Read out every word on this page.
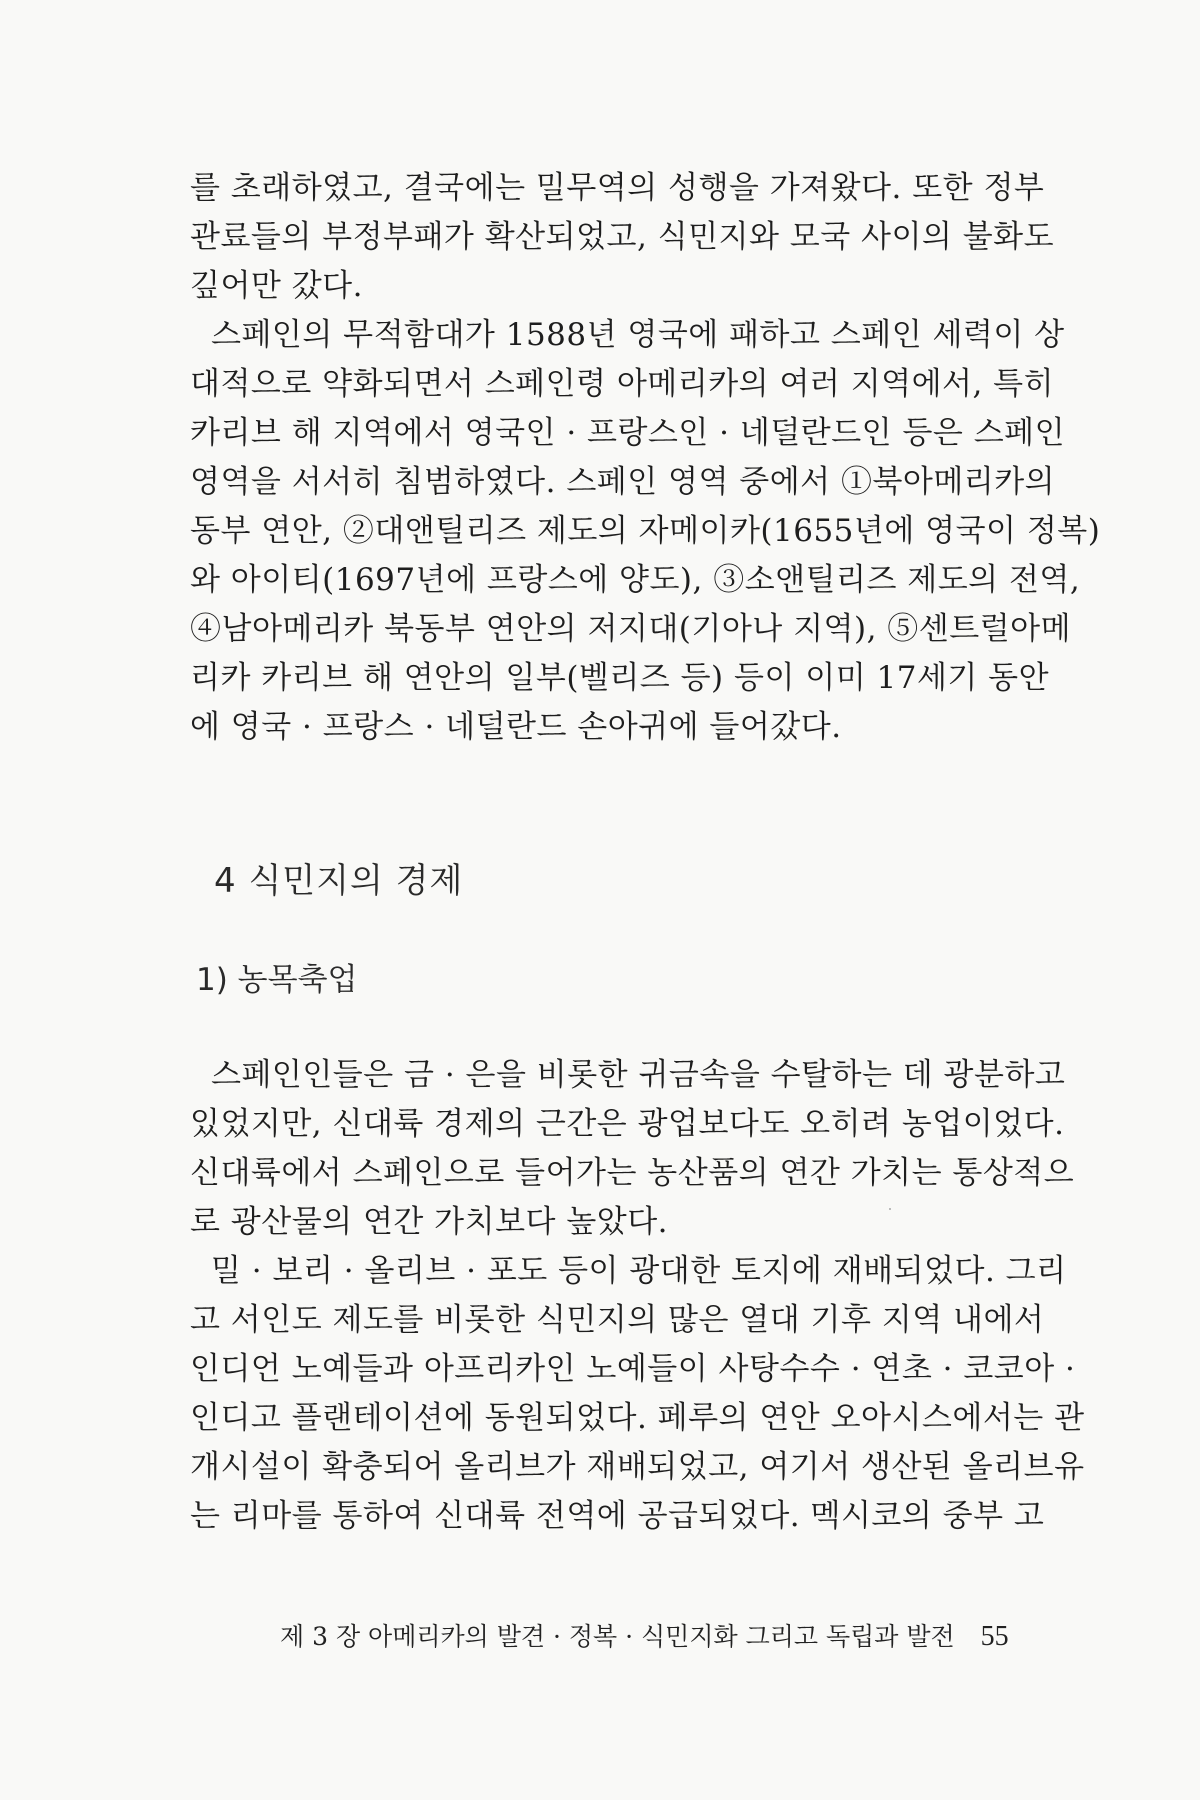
를 초래하였고, 결국에는 밀무역의 성행을 가져왔다. 또한 정부
관료들의 부정부패가 확산되었고, 식민지와 모국 사이의 불화도
깊어만 갔다.
스페인의 무적함대가 1588년 영국에 패하고 스페인 세력이 상
대적으로 약화되면서 스페인령 아메리카의 여러 지역에서, 특히
카리브 해 지역에서 영국인 · 프랑스인 · 네덜란드인 등은 스페인
영역을 서서히 침범하였다. 스페인 영역 중에서 ①북아메리카의
동부 연안, ②대앤틸리즈 제도의 자메이카(1655년에 영국이 정복)
와 아이티(1697년에 프랑스에 양도), ③소앤틸리즈 제도의 전역,
④남아메리카 북동부 연안의 저지대(기아나 지역), ⑤센트럴아메
리카 카리브 해 연안의 일부(벨리즈 등) 등이 이미 17세기 동안
에 영국 · 프랑스 · 네덜란드 손아귀에 들어갔다.
4 식민지의 경제
1) 농목축업
스페인인들은 금 · 은을 비롯한 귀금속을 수탈하는 데 광분하고
있었지만, 신대륙 경제의 근간은 광업보다도 오히려 농업이었다.
신대륙에서 스페인으로 들어가는 농산품의 연간 가치는 통상적으
로 광산물의 연간 가치보다 높았다.
밀 · 보리 · 올리브 · 포도 등이 광대한 토지에 재배되었다. 그리
고 서인도 제도를 비롯한 식민지의 많은 열대 기후 지역 내에서
인디언 노예들과 아프리카인 노예들이 사탕수수 · 연초 · 코코아 ·
인디고 플랜테이션에 동원되었다. 페루의 연안 오아시스에서는 관
개시설이 확충되어 올리브가 재배되었고, 여기서 생산된 올리브유
는 리마를 통하여 신대륙 전역에 공급되었다. 멕시코의 중부 고
제 3 장 아메리카의 발견 · 정복 · 식민지화 그리고 독립과 발전 55
